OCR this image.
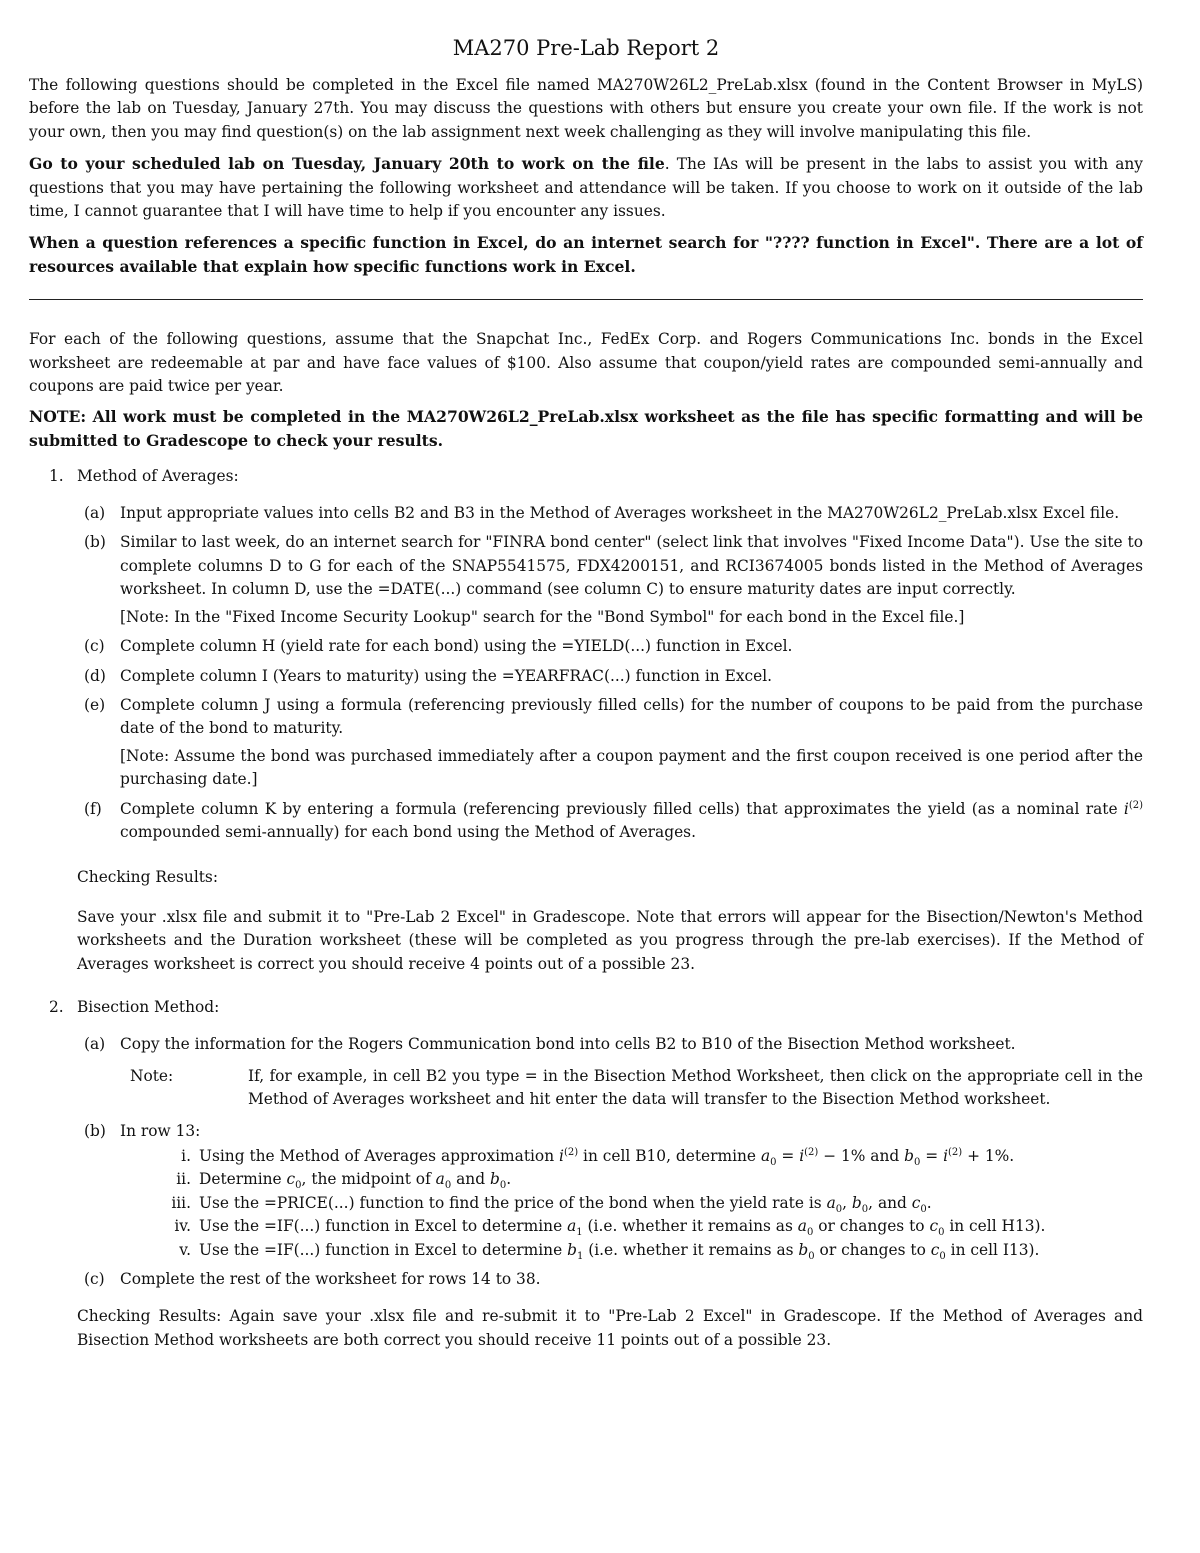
MA270 Pre-Lab Report 2

The following questions should be completed in the Excel file named MA270W26L2_PreLab.xlsx (found in the Content Browser in MyLS) before the lab on Tuesday, January 27th. You may discuss the questions with others but ensure you create your own file. If the work is not your own, then you may find question(s) on the lab assignment next week challenging as they will involve manipulating this file.

Go to your scheduled lab on Tuesday, January 20th to work on the file. The IAs will be present in the labs to assist you with any questions that you may have pertaining the following worksheet and attendance will be taken. If you choose to work on it outside of the lab time, I cannot guarantee that I will have time to help if you encounter any issues.

When a question references a specific function in Excel, do an internet search for "???? function in Excel". There are a lot of resources available that explain how specific functions work in Excel.

For each of the following questions, assume that the Snapchat Inc., FedEx Corp. and Rogers Communications Inc. bonds in the Excel worksheet are redeemable at par and have face values of $100. Also assume that coupon/yield rates are compounded semi-annually and coupons are paid twice per year.

NOTE: All work must be completed in the MA270W26L2_PreLab.xlsx worksheet as the file has specific formatting and will be submitted to Gradescope to check your results.

1. Method of Averages:
(a) Input appropriate values into cells B2 and B3 in the Method of Averages worksheet in the MA270W26L2_PreLab.xlsx Excel file.
(b) Similar to last week, do an internet search for "FINRA bond center" (select link that involves "Fixed Income Data"). Use the site to complete columns D to G for each of the SNAP5541575, FDX4200151, and RCI3674005 bonds listed in the Method of Averages worksheet. In column D, use the =DATE(...) command (see column C) to ensure maturity dates are input correctly.
[Note: In the "Fixed Income Security Lookup" search for the "Bond Symbol" for each bond in the Excel file.]
(c) Complete column H (yield rate for each bond) using the =YIELD(...) function in Excel.
(d) Complete column I (Years to maturity) using the =YEARFRAC(...) function in Excel.
(e) Complete column J using a formula (referencing previously filled cells) for the number of coupons to be paid from the purchase date of the bond to maturity.
[Note: Assume the bond was purchased immediately after a coupon payment and the first coupon received is one period after the purchasing date.]
(f) Complete column K by entering a formula (referencing previously filled cells) that approximates the yield (as a nominal rate $i^{(2)}$ compounded semi-annually) for each bond using the Method of Averages.

Checking Results:

Save your .xlsx file and submit it to "Pre-Lab 2 Excel" in Gradescope. Note that errors will appear for the Bisection/Newton's Method worksheets and the Duration worksheet (these will be completed as you progress through the pre-lab exercises). If the Method of Averages worksheet is correct you should receive 4 points out of a possible 23.

2. Bisection Method:
(a) Copy the information for the Rogers Communication bond into cells B2 to B10 of the Bisection Method worksheet.
Note:	If, for example, in cell B2 you type = in the Bisection Method Worksheet, then click on the appropriate cell in the Method of Averages worksheet and hit enter the data will transfer to the Bisection Method worksheet.
(b) In row 13:
i. Using the Method of Averages approximation $i^{(2)}$ in cell B10, determine $a_0 = i^{(2)} - 1\%$ and $b_0 = i^{(2)} + 1\%$.
ii. Determine $c_0$, the midpoint of $a_0$ and $b_0$.
iii. Use the =PRICE(...) function to find the price of the bond when the yield rate is $a_0$, $b_0$, and $c_0$.
iv. Use the =IF(...) function in Excel to determine $a_1$ (i.e. whether it remains as $a_0$ or changes to $c_0$ in cell H13).
v. Use the =IF(...) function in Excel to determine $b_1$ (i.e. whether it remains as $b_0$ or changes to $c_0$ in cell I13).
(c) Complete the rest of the worksheet for rows 14 to 38.

Checking Results: Again save your .xlsx file and re-submit it to "Pre-Lab 2 Excel" in Gradescope. If the Method of Averages and Bisection Method worksheets are both correct you should receive 11 points out of a possible 23.
